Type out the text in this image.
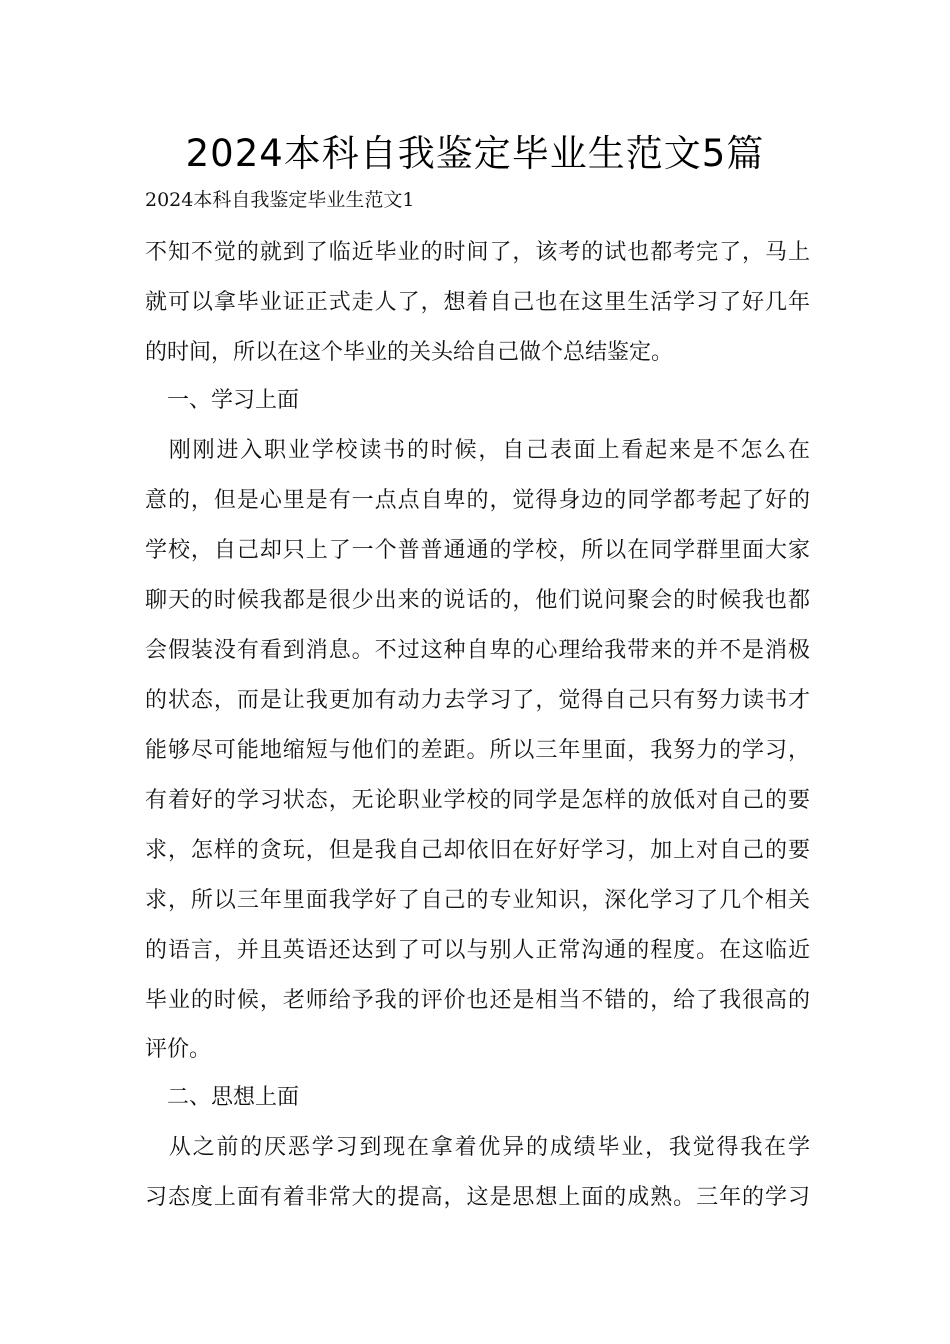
2024本科自我鉴定毕业生范文5篇

2024本科自我鉴定毕业生范文1

不知不觉的就到了临近毕业的时间了，该考的试也都考完了，马上

就可以拿毕业证正式走人了，想着自己也在这里生活学习了好几年

的时间，所以在这个毕业的关头给自己做个总结鉴定。

　一、学习上面

　刚刚进入职业学校读书的时候，自己表面上看起来是不怎么在

意的，但是心里是有一点点自卑的，觉得身边的同学都考起了好的

学校，自己却只上了一个普普通通的学校，所以在同学群里面大家

聊天的时候我都是很少出来的说话的，他们说问聚会的时候我也都

会假装没有看到消息。不过这种自卑的心理给我带来的并不是消极

的状态，而是让我更加有动力去学习了，觉得自己只有努力读书才

能够尽可能地缩短与他们的差距。所以三年里面，我努力的学习，

有着好的学习状态，无论职业学校的同学是怎样的放低对自己的要

求，怎样的贪玩，但是我自己却依旧在好好学习，加上对自己的要

求，所以三年里面我学好了自己的专业知识，深化学习了几个相关

的语言，并且英语还达到了可以与别人正常沟通的程度。在这临近

毕业的时候，老师给予我的评价也还是相当不错的，给了我很高的

评价。

　二、思想上面

　从之前的厌恶学习到现在拿着优异的成绩毕业，我觉得我在学

习态度上面有着非常大的提高，这是思想上面的成熟。三年的学习
